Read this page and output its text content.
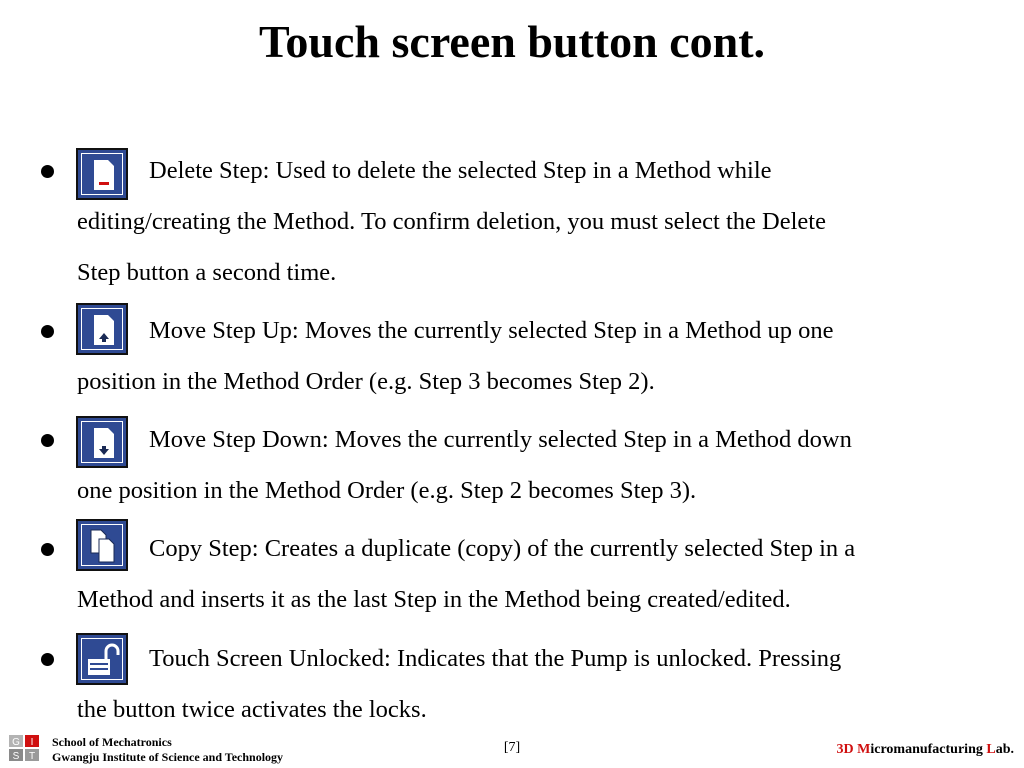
Touch screen button cont.
Delete Step: Used to delete the selected Step in a Method while
editing/creating the Method. To confirm deletion, you must select the Delete
Step button a second time.
Move Step Up: Moves the currently selected Step in a Method up one
position in the Method Order (e.g. Step 3 becomes Step 2).
Move Step Down: Moves the currently selected Step in a Method down
one position in the Method Order (e.g. Step 2 becomes Step 3).
Copy Step: Creates a duplicate (copy) of the currently selected Step in a
Method and inserts it as the last Step in the Method being created/edited.
Touch Screen Unlocked: Indicates that the Pump is unlocked. Pressing
the button twice activates the locks.
G I
S T
School of Mechatronics
Gwangju Institute of Science and Technology
[7]	3D Micromanufacturing Lab.
